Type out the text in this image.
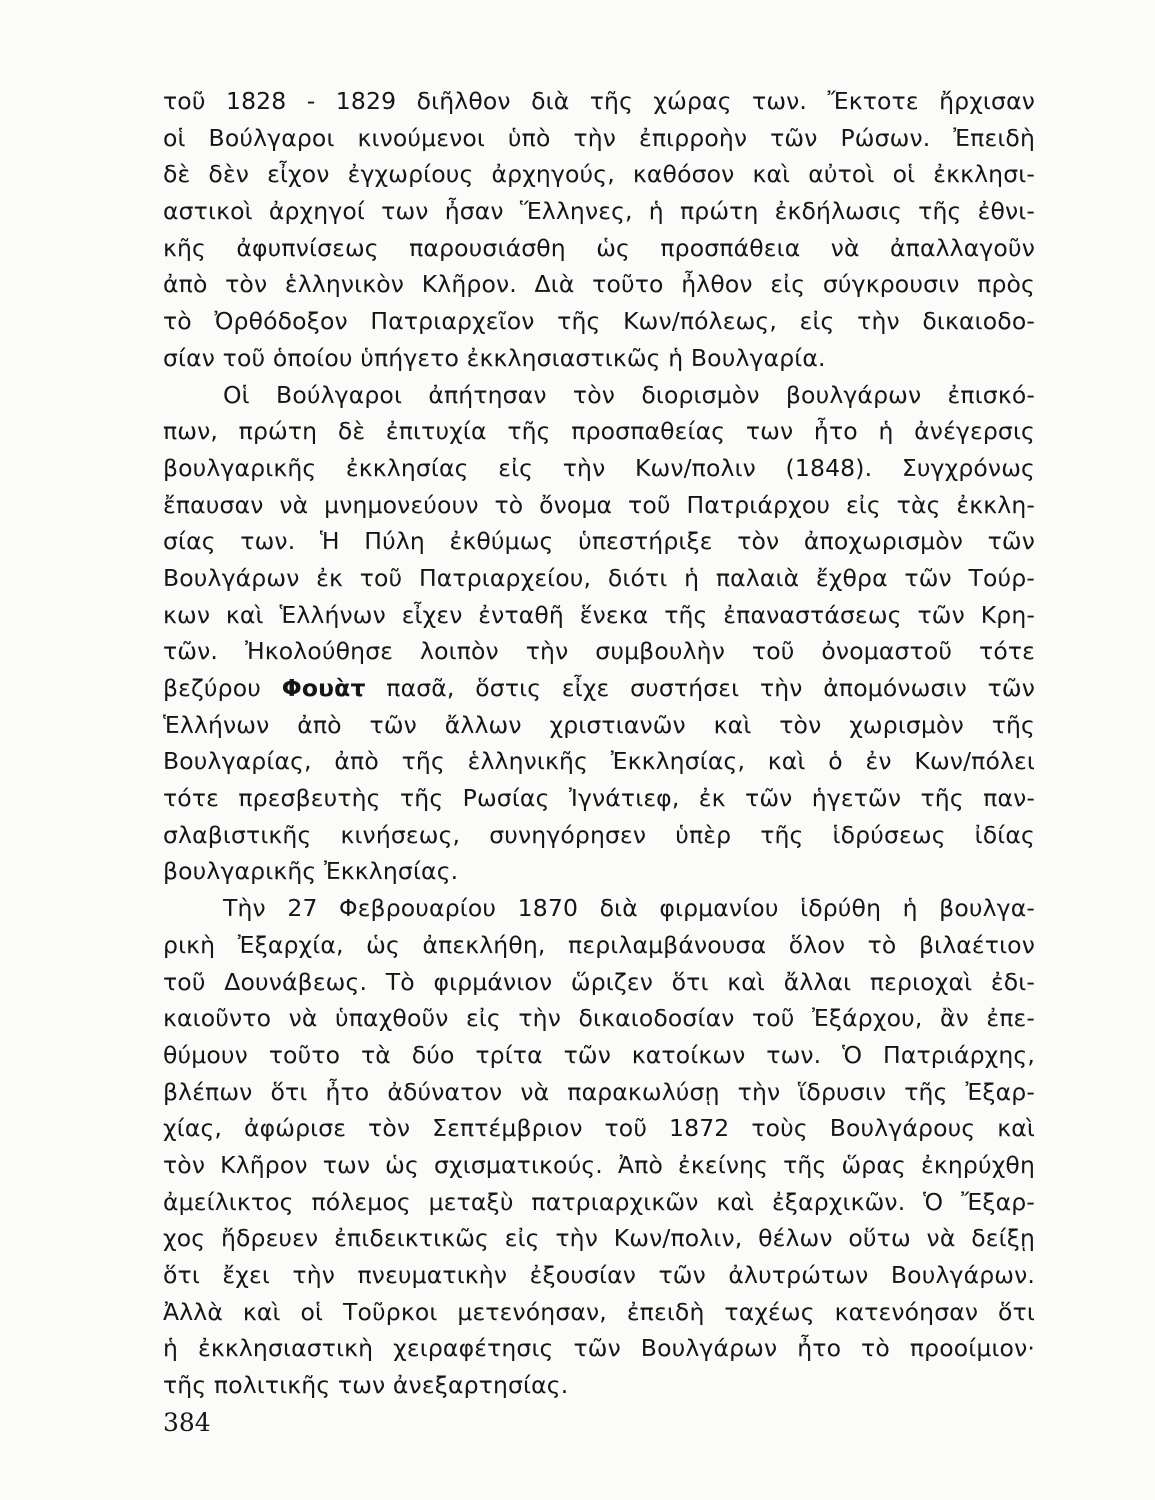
τοῦ 1828 - 1829 διῆλθον διὰ τῆς χώρας των. Ἔκτοτε ἤρχισαν
οἱ Βούλγαροι κινούμενοι ὑπὸ τὴν ἐπιρροὴν τῶν Ρώσων. Ἐπειδὴ
δὲ δὲν εἶχον ἐγχωρίους ἀρχηγούς, καθόσον καὶ αὐτοὶ οἱ ἐκκλησι-
αστικοὶ ἀρχηγοί των ἦσαν Ἕλληνες, ἡ πρώτη ἐκδήλωσις τῆς ἐθνι-
κῆς ἀφυπνίσεως παρουσιάσθη ὡς προσπάθεια νὰ ἀπαλλαγοῦν
ἀπὸ τὸν ἑλληνικὸν Κλῆρον. Διὰ τοῦτο ἦλθον εἰς σύγκρουσιν πρὸς
τὸ Ὀρθόδοξον Πατριαρχεῖον τῆς Κων/πόλεως, εἰς τὴν δικαιοδο-
σίαν τοῦ ὁποίου ὑπήγετο ἐκκλησιαστικῶς ἡ Βουλγαρία.
Οἱ Βούλγαροι ἀπήτησαν τὸν διορισμὸν βουλγάρων ἐπισκό-
πων, πρώτη δὲ ἐπιτυχία τῆς προσπαθείας των ἦτο ἡ ἀνέγερσις
βουλγαρικῆς ἐκκλησίας εἰς τὴν Κων/πολιν (1848). Συγχρόνως
ἔπαυσαν νὰ μνημονεύουν τὸ ὄνομα τοῦ Πατριάρχου εἰς τὰς ἐκκλη-
σίας των. Ἡ Πύλη ἐκθύμως ὑπεστήριξε τὸν ἀποχωρισμὸν τῶν
Βουλγάρων ἐκ τοῦ Πατριαρχείου, διότι ἡ παλαιὰ ἔχθρα τῶν Τούρ-
κων καὶ Ἑλλήνων εἶχεν ἐνταθῆ ἕνεκα τῆς ἐπαναστάσεως τῶν Κρη-
τῶν. Ἠκολούθησε λοιπὸν τὴν συμβουλὴν τοῦ ὀνομαστοῦ τότε
βεζύρου Φουὰτ πασᾶ, ὅστις εἶχε συστήσει τὴν ἀπομόνωσιν τῶν
Ἑλλήνων ἀπὸ τῶν ἄλλων χριστιανῶν καὶ τὸν χωρισμὸν τῆς
Βουλγαρίας, ἀπὸ τῆς ἑλληνικῆς Ἐκκλησίας, καὶ ὁ ἐν Κων/πόλει
τότε πρεσβευτὴς τῆς Ρωσίας Ἰγνάτιεφ, ἐκ τῶν ἡγετῶν τῆς παν-
σλαβιστικῆς κινήσεως, συνηγόρησεν ὑπὲρ τῆς ἱδρύσεως ἰδίας
βουλγαρικῆς Ἐκκλησίας.
Τὴν 27 Φεβρουαρίου 1870 διὰ φιρμανίου ἱδρύθη ἡ βουλγα-
ρικὴ Ἐξαρχία, ὡς ἀπεκλήθη, περιλαμβάνουσα ὅλον τὸ βιλαέτιον
τοῦ Δουνάβεως. Τὸ φιρμάνιον ὥριζεν ὅτι καὶ ἄλλαι περιοχαὶ ἐδι-
καιοῦντο νὰ ὑπαχθοῦν εἰς τὴν δικαιοδοσίαν τοῦ Ἐξάρχου, ἂν ἐπε-
θύμουν τοῦτο τὰ δύο τρίτα τῶν κατοίκων των. Ὁ Πατριάρχης,
βλέπων ὅτι ἦτο ἀδύνατον νὰ παρακωλύσῃ τὴν ἵδρυσιν τῆς Ἐξαρ-
χίας, ἀφώρισε τὸν Σεπτέμβριον τοῦ 1872 τοὺς Βουλγάρους καὶ
τὸν Κλῆρον των ὡς σχισματικούς. Ἀπὸ ἐκείνης τῆς ὥρας ἐκηρύχθη
ἀμείλικτος πόλεμος μεταξὺ πατριαρχικῶν καὶ ἐξαρχικῶν. Ὁ Ἔξαρ-
χος ἤδρευεν ἐπιδεικτικῶς εἰς τὴν Κων/πολιν, θέλων οὕτω νὰ δείξῃ
ὅτι ἔχει τὴν πνευματικὴν ἐξουσίαν τῶν ἀλυτρώτων Βουλγάρων.
Ἀλλὰ καὶ οἱ Τοῦρκοι μετενόησαν, ἐπειδὴ ταχέως κατενόησαν ὅτι
ἡ ἐκκλησιαστικὴ χειραφέτησις τῶν Βουλγάρων ἦτο τὸ προοίμιον·
τῆς πολιτικῆς των ἀνεξαρτησίας.
384
